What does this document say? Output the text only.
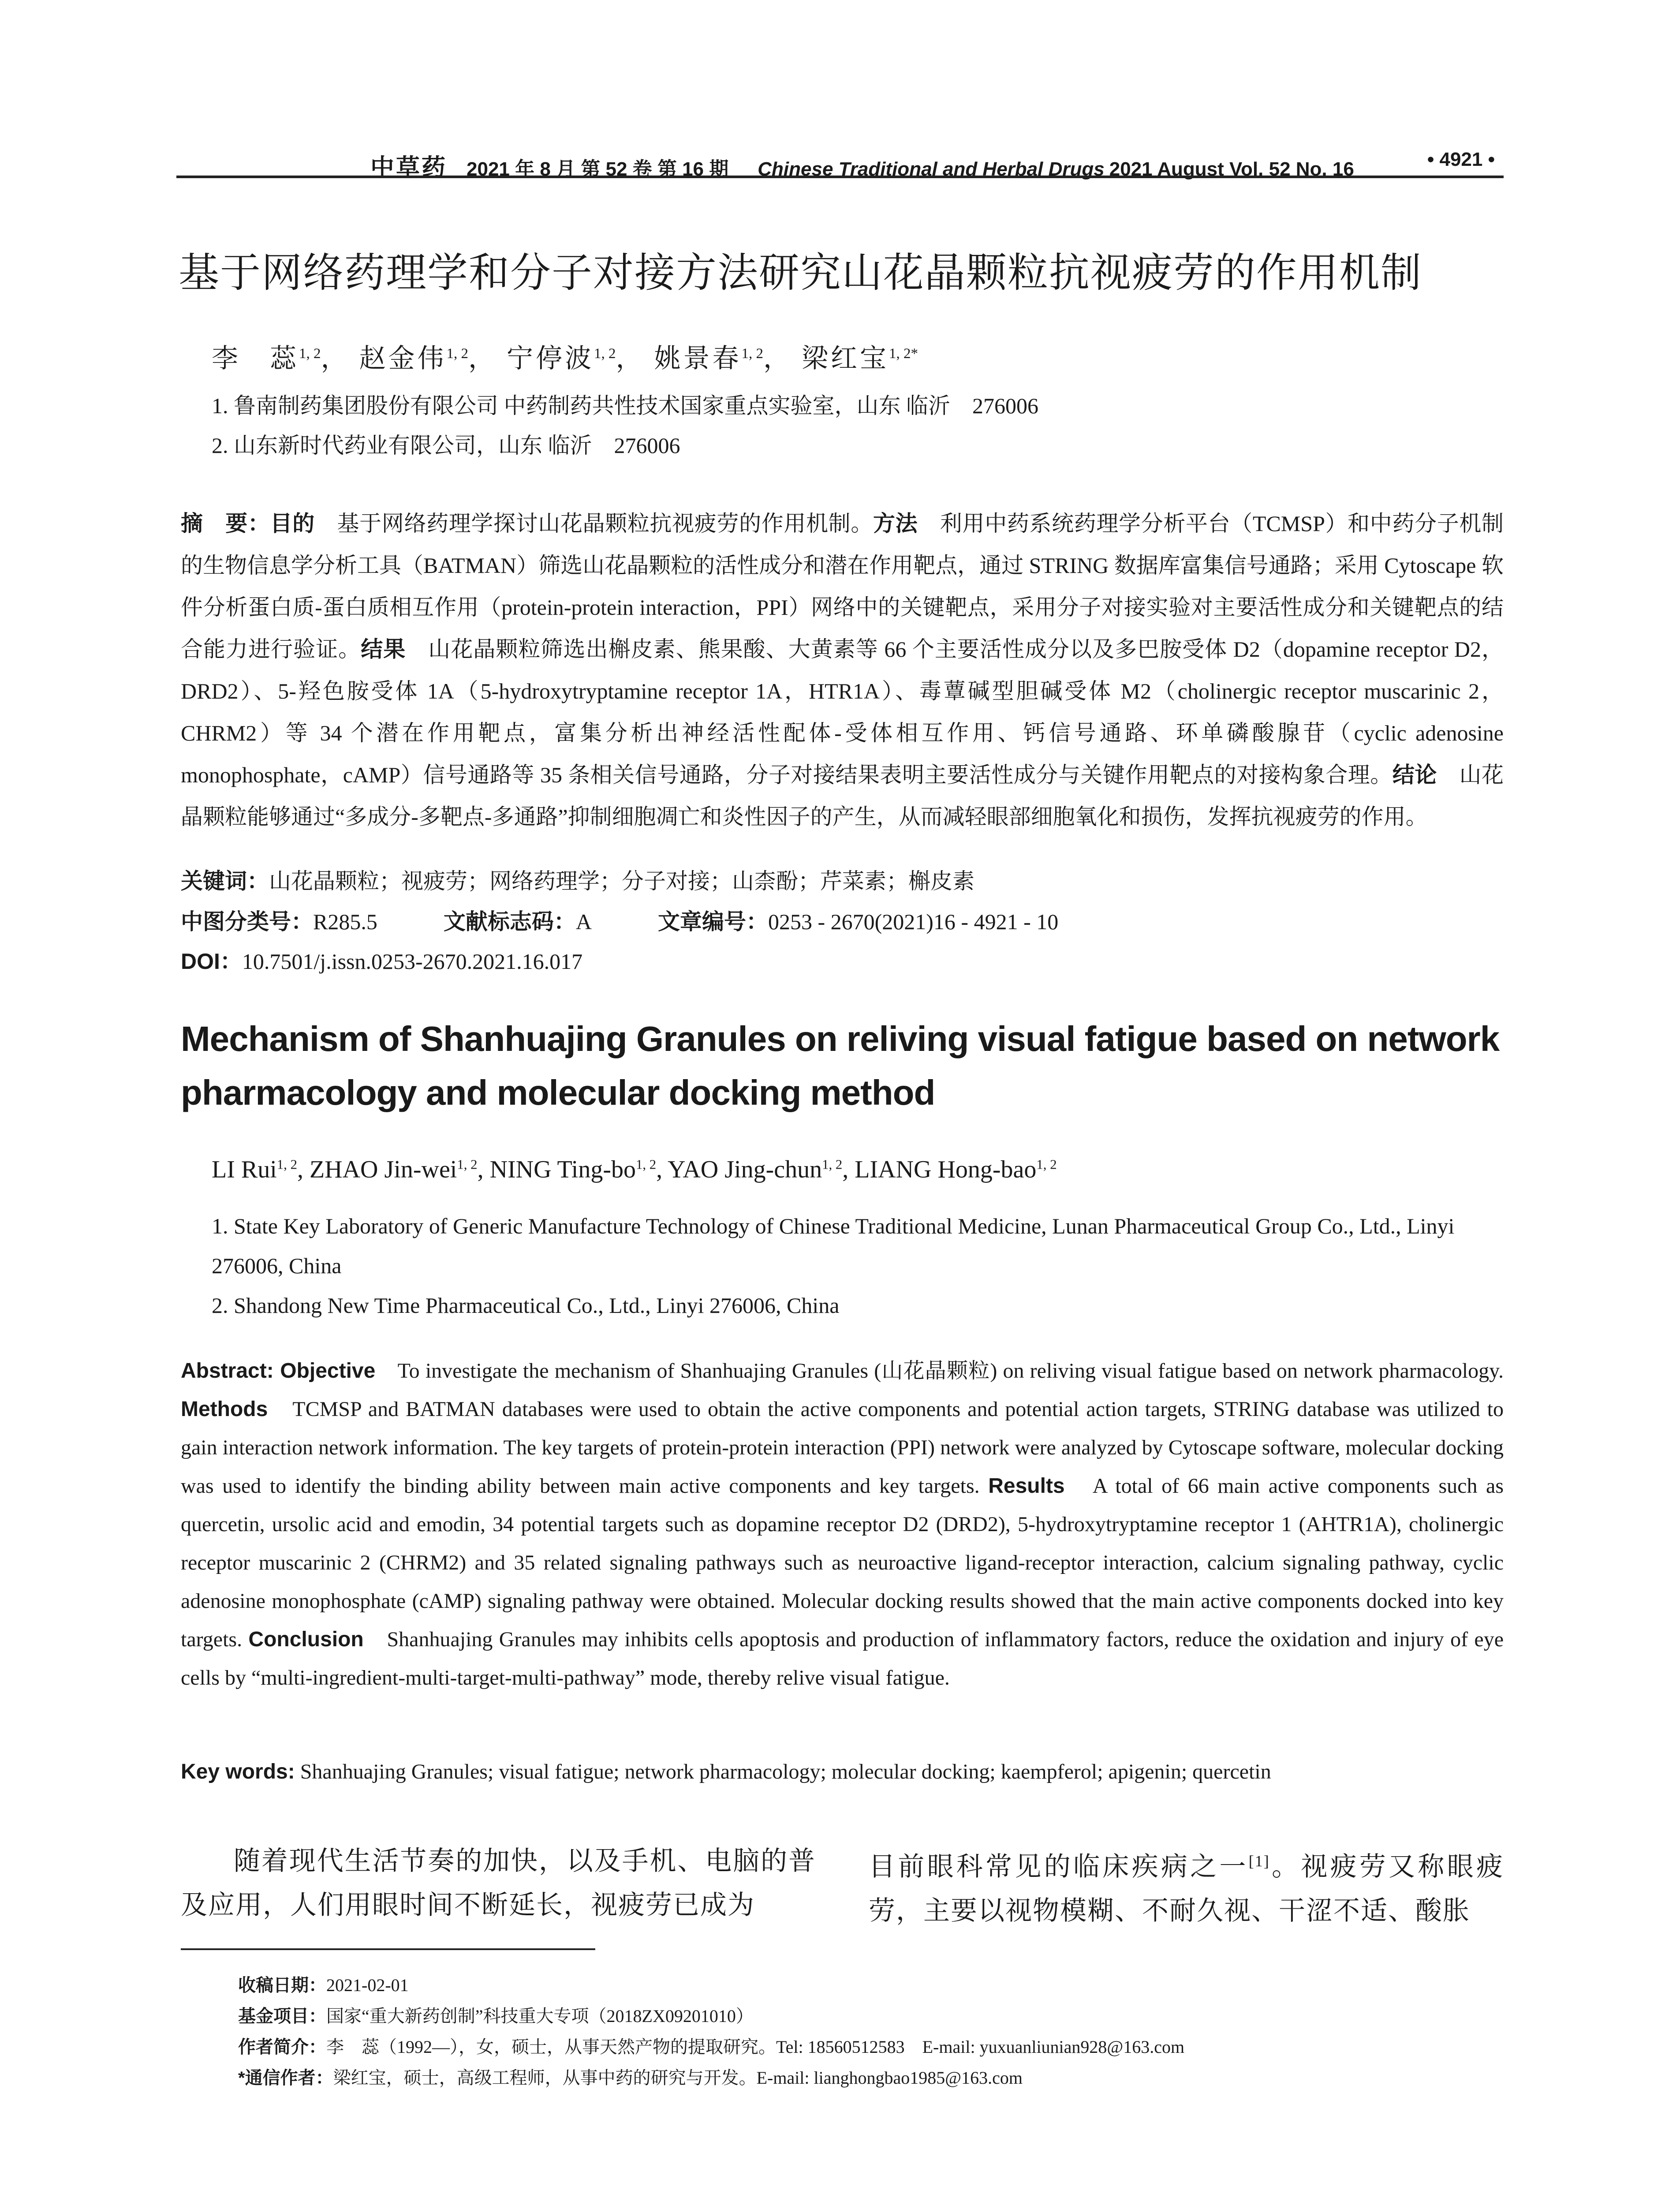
中草药   2021 年 8 月 第 52 卷 第 16 期   Chinese Traditional and Herbal Drugs 2021 August Vol. 52 No. 16	• 4921 •
基于网络药理学和分子对接方法研究山花晶颗粒抗视疲劳的作用机制
李　蕊$^{1, 2}$， 赵金伟$^{1, 2}$， 宁停波$^{1, 2}$， 姚景春$^{1, 2}$， 梁红宝$^{1, 2*}$
1. 鲁南制药集团股份有限公司 中药制药共性技术国家重点实验室，山东 临沂　276006
2. 山东新时代药业有限公司，山东 临沂　276006
摘　要：目的　基于网络药理学探讨山花晶颗粒抗视疲劳的作用机制。方法　利用中药系统药理学分析平台（TCMSP）和中药分子机制的生物信息学分析工具（BATMAN）筛选山花晶颗粒的活性成分和潜在作用靶点，通过 STRING 数据库富集信号通路；采用 Cytoscape 软件分析蛋白质-蛋白质相互作用（protein-protein interaction，PPI）网络中的关键靶点，采用分子对接实验对主要活性成分和关键靶点的结合能力进行验证。结果　山花晶颗粒筛选出槲皮素、熊果酸、大黄素等 66 个主要活性成分以及多巴胺受体 D2（dopamine receptor D2，DRD2）、5-羟色胺受体 1A（5-hydroxytryptamine receptor 1A，HTR1A）、毒蕈碱型胆碱受体 M2（cholinergic receptor muscarinic 2，CHRM2）等 34 个潜在作用靶点，富集分析出神经活性配体-受体相互作用、钙信号通路、环单磷酸腺苷（cyclic adenosine monophosphate，cAMP）信号通路等 35 条相关信号通路，分子对接结果表明主要活性成分与关键作用靶点的对接构象合理。结论　山花晶颗粒能够通过“多成分-多靶点-多通路”抑制细胞凋亡和炎性因子的产生，从而减轻眼部细胞氧化和损伤，发挥抗视疲劳的作用。
关键词：山花晶颗粒；视疲劳；网络药理学；分子对接；山柰酚；芹菜素；槲皮素
中图分类号：R285.5	文献标志码：A	文章编号：0253 - 2670(2021)16 - 4921 - 10
DOI：10.7501/j.issn.0253-2670.2021.16.017
Mechanism of Shanhuajing Granules on reliving visual fatigue based on network pharmacology and molecular docking method
LI Rui$^{1, 2}$, ZHAO Jin-wei$^{1, 2}$, NING Ting-bo$^{1, 2}$, YAO Jing-chun$^{1, 2}$, LIANG Hong-bao$^{1, 2}$
1. State Key Laboratory of Generic Manufacture Technology of Chinese Traditional Medicine, Lunan Pharmaceutical Group Co., Ltd., Linyi 276006, China
2. Shandong New Time Pharmaceutical Co., Ltd., Linyi 276006, China
Abstract: Objective　To investigate the mechanism of Shanhuajing Granules (山花晶颗粒) on reliving visual fatigue based on network pharmacology. Methods　TCMSP and BATMAN databases were used to obtain the active components and potential action targets, STRING database was utilized to gain interaction network information. The key targets of protein-protein interaction (PPI) network were analyzed by Cytoscape software, molecular docking was used to identify the binding ability between main active components and key targets. Results　A total of 66 main active components such as quercetin, ursolic acid and emodin, 34 potential targets such as dopamine receptor D2 (DRD2), 5-hydroxytryptamine receptor 1 (AHTR1A), cholinergic receptor muscarinic 2 (CHRM2) and 35 related signaling pathways such as neuroactive ligand-receptor interaction, calcium signaling pathway, cyclic adenosine monophosphate (cAMP) signaling pathway were obtained. Molecular docking results showed that the main active components docked into key targets. Conclusion　Shanhuajing Granules may inhibits cells apoptosis and production of inflammatory factors, reduce the oxidation and injury of eye cells by “multi-ingredient-multi-target-multi-pathway” mode, thereby relive visual fatigue.
Key words: Shanhuajing Granules; visual fatigue; network pharmacology; molecular docking; kaempferol; apigenin; quercetin
随着现代生活节奏的加快，以及手机、电脑的普及应用，人们用眼时间不断延长，视疲劳已成为
目前眼科常见的临床疾病之一[1]。视疲劳又称眼疲劳，主要以视物模糊、不耐久视、干涩不适、酸胀
收稿日期：2021-02-01
基金项目：国家“重大新药创制”科技重大专项（2018ZX09201010）
作者简介：李　蕊（1992—），女，硕士，从事天然产物的提取研究。Tel: 18560512583　E-mail: yuxuanliunian928@163.com
*通信作者：梁红宝，硕士，高级工程师，从事中药的研究与开发。E-mail: lianghongbao1985@163.com
